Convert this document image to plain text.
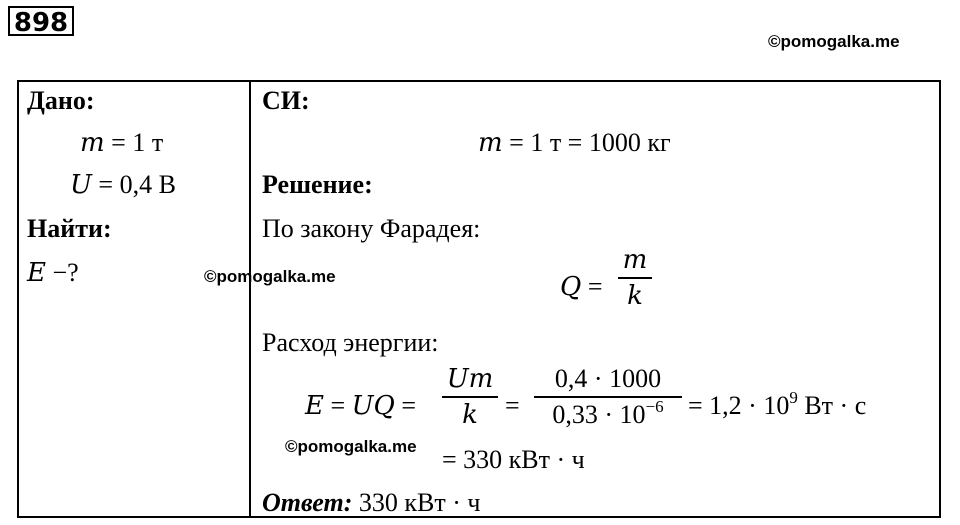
898
©pomogalka.me
Дано:
𝑚 = 1 т
𝑈 = 0,4 В
Найти:
𝐸 −?	©pomogalka.me
СИ:
𝑚 = 1 т = 1000 кг
Решение:
По закону Фарадея:
𝑄 =
𝑚
𝑘
Расход энергии:
𝐸 = 𝑈𝑄 =
𝑈𝑚
𝑘	=
0,4 · 1000
$0,33 \cdot 10^{-6} = 1,2 \cdot 10^9$ Вт · с
©pomogalka.me = 330 кВт · ч
Ответ: 330 кВт · ч
